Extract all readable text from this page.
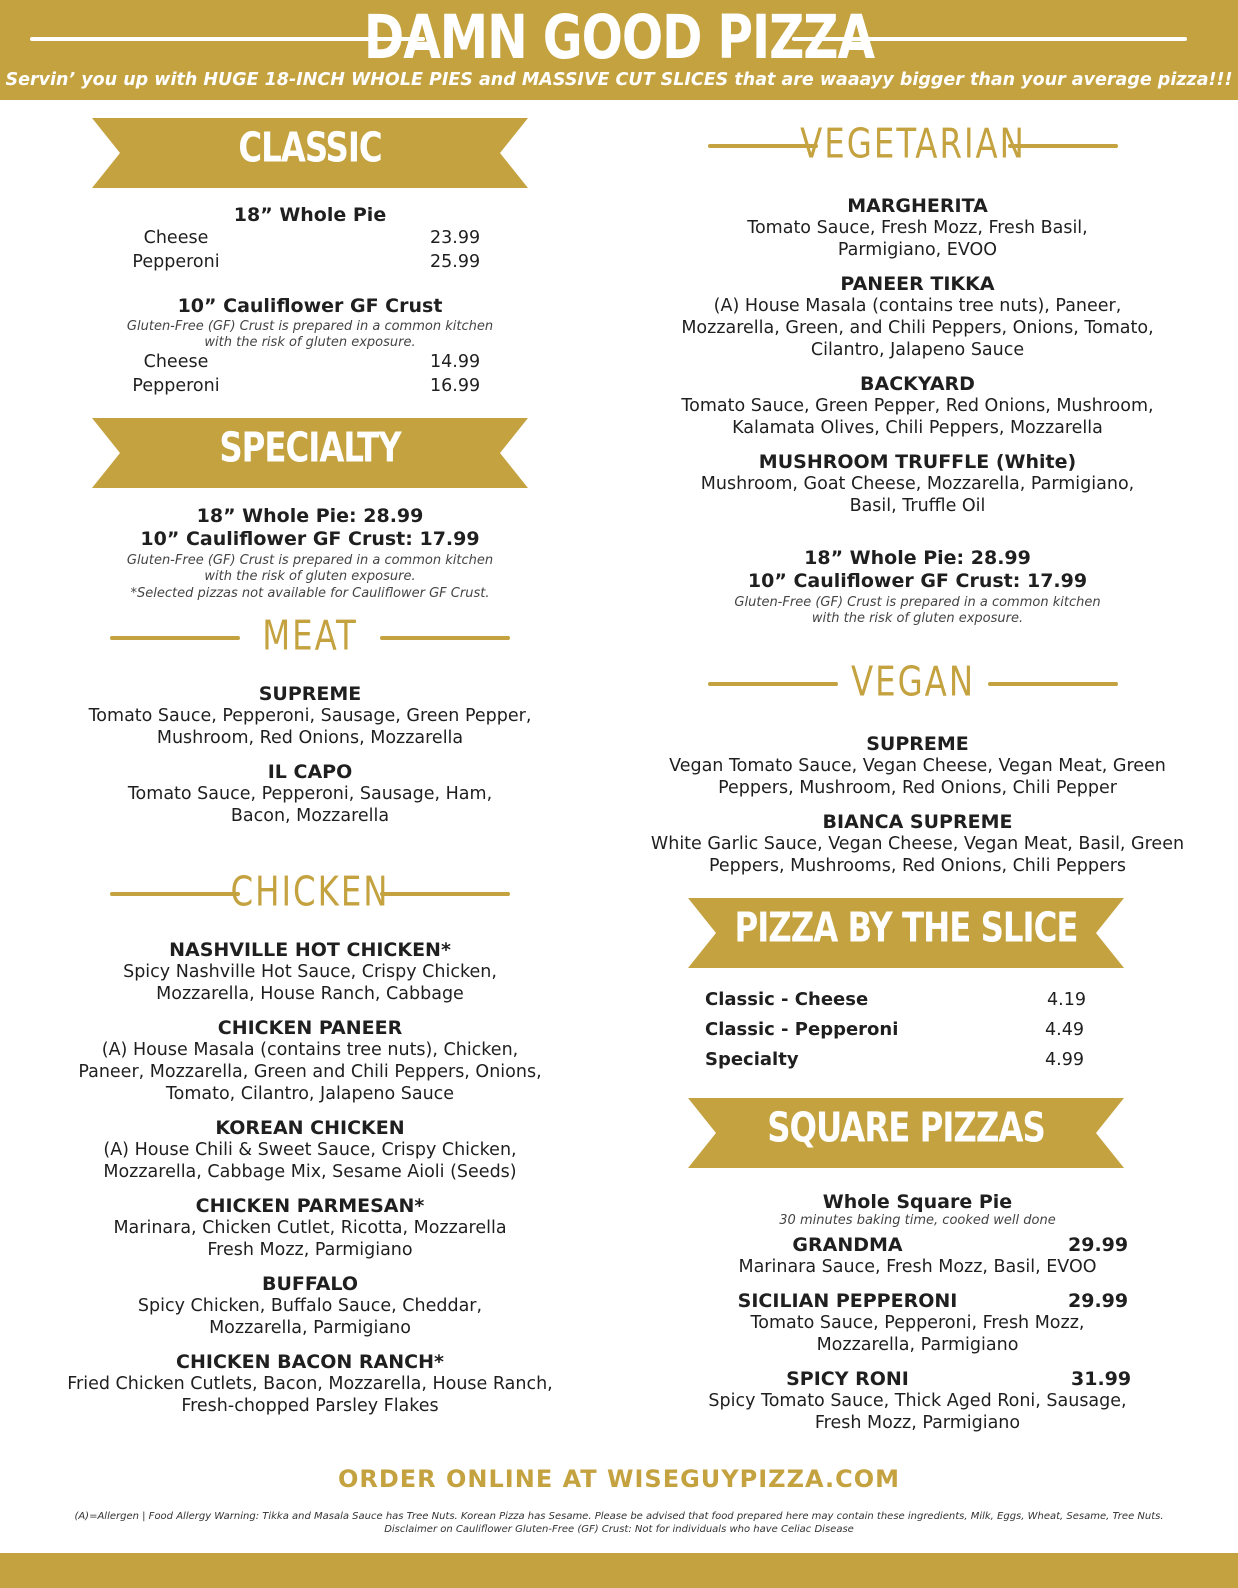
DAMN GOOD PIZZA
Servin’ you up with HUGE 18-INCH WHOLE PIES and MASSIVE CUT SLICES that are waaayy bigger than your average pizza!!!
CLASSIC
18” Whole Pie
Cheese	23.99
Pepperoni	25.99
10” Cauliflower GF Crust
Gluten-Free (GF) Crust is prepared in a common kitchen
with the risk of gluten exposure.
Cheese	14.99
Pepperoni	16.99
SPECIALTY
18” Whole Pie: 28.99
10” Cauliflower GF Crust: 17.99
Gluten-Free (GF) Crust is prepared in a common kitchen
with the risk of gluten exposure.
*Selected pizzas not available for Cauliflower GF Crust.
MEAT
SUPREME
Tomato Sauce, Pepperoni, Sausage, Green Pepper,
Mushroom, Red Onions, Mozzarella
IL CAPO
Tomato Sauce, Pepperoni, Sausage, Ham,
Bacon, Mozzarella
CHICKEN
NASHVILLE HOT CHICKEN*
Spicy Nashville Hot Sauce, Crispy Chicken,
Mozzarella, House Ranch, Cabbage
CHICKEN PANEER
(A) House Masala (contains tree nuts), Chicken,
Paneer, Mozzarella, Green and Chili Peppers, Onions,
Tomato, Cilantro, Jalapeno Sauce
KOREAN CHICKEN
(A) House Chili & Sweet Sauce, Crispy Chicken,
Mozzarella, Cabbage Mix, Sesame Aioli (Seeds)
CHICKEN PARMESAN*
Marinara, Chicken Cutlet, Ricotta, Mozzarella
Fresh Mozz, Parmigiano
BUFFALO
Spicy Chicken, Buffalo Sauce, Cheddar,
Mozzarella, Parmigiano
CHICKEN BACON RANCH*
Fried Chicken Cutlets, Bacon, Mozzarella, House Ranch,
Fresh-chopped Parsley Flakes
VEGETARIAN
MARGHERITA
Tomato Sauce, Fresh Mozz, Fresh Basil,
Parmigiano, EVOO
PANEER TIKKA
(A) House Masala (contains tree nuts), Paneer,
Mozzarella, Green, and Chili Peppers, Onions, Tomato,
Cilantro, Jalapeno Sauce
BACKYARD
Tomato Sauce, Green Pepper, Red Onions, Mushroom,
Kalamata Olives, Chili Peppers, Mozzarella
MUSHROOM TRUFFLE (White)
Mushroom, Goat Cheese, Mozzarella, Parmigiano,
Basil, Truffle Oil
18” Whole Pie: 28.99
10” Cauliflower GF Crust: 17.99
Gluten-Free (GF) Crust is prepared in a common kitchen
with the risk of gluten exposure.
VEGAN
SUPREME
Vegan Tomato Sauce, Vegan Cheese, Vegan Meat, Green
Peppers, Mushroom, Red Onions, Chili Pepper
BIANCA SUPREME
White Garlic Sauce, Vegan Cheese, Vegan Meat, Basil, Green
Peppers, Mushrooms, Red Onions, Chili Peppers
PIZZA BY THE SLICE
Classic - Cheese	4.19
Classic - Pepperoni	4.49
Specialty	4.99
SQUARE PIZZAS
Whole Square Pie
30 minutes baking time, cooked well done
GRANDMA	29.99
Marinara Sauce, Fresh Mozz, Basil, EVOO
SICILIAN PEPPERONI	29.99
Tomato Sauce, Pepperoni, Fresh Mozz,
Mozzarella, Parmigiano
SPICY RONI	31.99
Spicy Tomato Sauce, Thick Aged Roni, Sausage,
Fresh Mozz, Parmigiano
ORDER ONLINE AT WISEGUYPIZZA.COM
(A)=Allergen | Food Allergy Warning: Tikka and Masala Sauce has Tree Nuts. Korean Pizza has Sesame. Please be advised that food prepared here may contain these ingredients, Milk, Eggs, Wheat, Sesame, Tree Nuts.
Disclaimer on Cauliflower Gluten-Free (GF) Crust: Not for individuals who have Celiac Disease
